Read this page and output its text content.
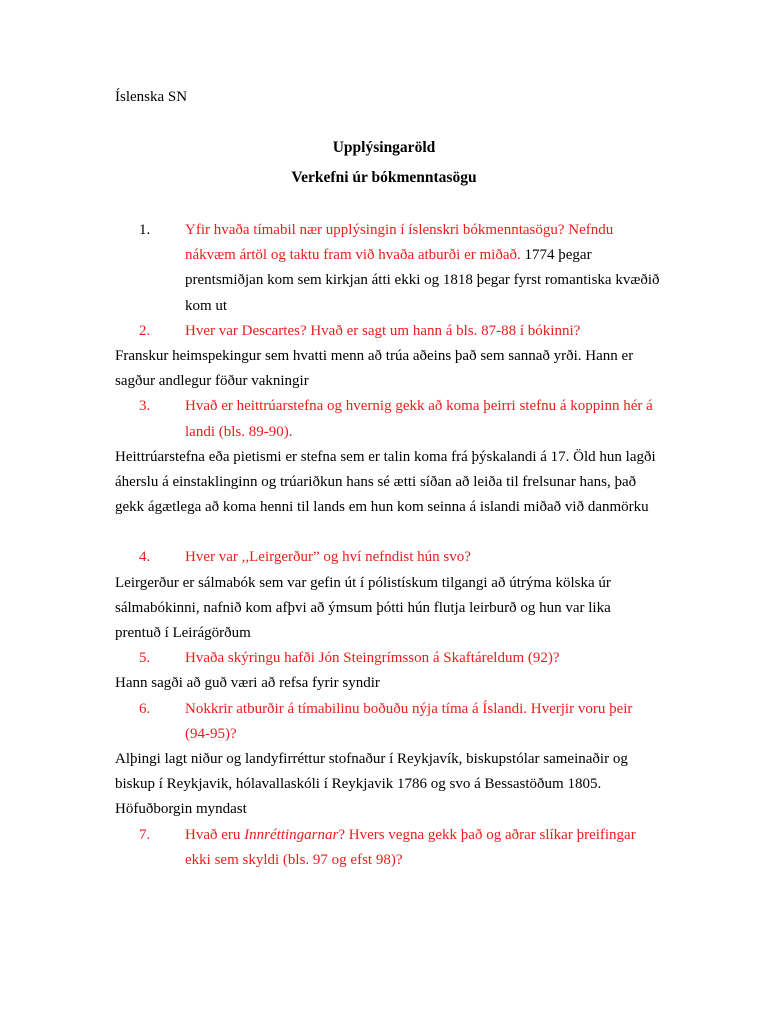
Íslenska SN
Upplýsingaröld
Verkefni úr bókmenntasögu
1. Yfir hvaða tímabil nær upplýsingin í íslenskri bókmenntasögu? Nefndu nákvæm ártöl og taktu fram við hvaða atburði er miðað. 1774 þegar prentsmiðjan kom sem kirkjan átti ekki og 1818 þegar fyrst romantiska kvæðið kom ut
2. Hver var Descartes? Hvað er sagt um hann á bls. 87-88 í bókinni?
Franskur heimspekingur sem hvatti menn að trúa aðeins það sem sannað yrði. Hann er sagður andlegur föður vakningir
3. Hvað er heittrúarstefna og hvernig gekk að koma þeirri stefnu á koppinn hér á landi (bls. 89-90).
Heittrúarstefna eða pietismi er stefna sem er talin koma frá þýskalandi á 17. Öld hun lagði áherslu á einstaklinginn og trúariðkun hans sé ætti síðan að leiða til frelsunar hans, það gekk ágætlega að koma henni til lands em hun kom seinna á islandi miðað við danmörku
4. Hver var ,,Leirgerður” og hví nefndist hún svo?
Leirgerður er sálmabók sem var gefin út í pólistískum tilgangi að útrýma kölska úr sálmabókinni, nafnið kom afþvi að ýmsum þótti hún flutja leirburð og hun var lika prentuð í Leirágörðum
5. Hvaða skýringu hafði Jón Steingrímsson á Skaftáreldum (92)?
Hann sagði að guð væri að refsa fyrir syndir
6. Nokkrir atburðir á tímabilinu boðuðu nýja tíma á Íslandi. Hverjir voru þeir (94-95)?
Alþingi lagt niður og landyfirréttur stofnaður í Reykjavík, biskupstólar sameinaðir og biskup í Reykjavik, hólavallaskóli í Reykjavik 1786 og svo á Bessastöðum 1805. Höfuðborgin myndast
7. Hvað eru Innréttingarnar? Hvers vegna gekk það og aðrar slíkar þreifingar ekki sem skyldi (bls. 97 og efst 98)?
